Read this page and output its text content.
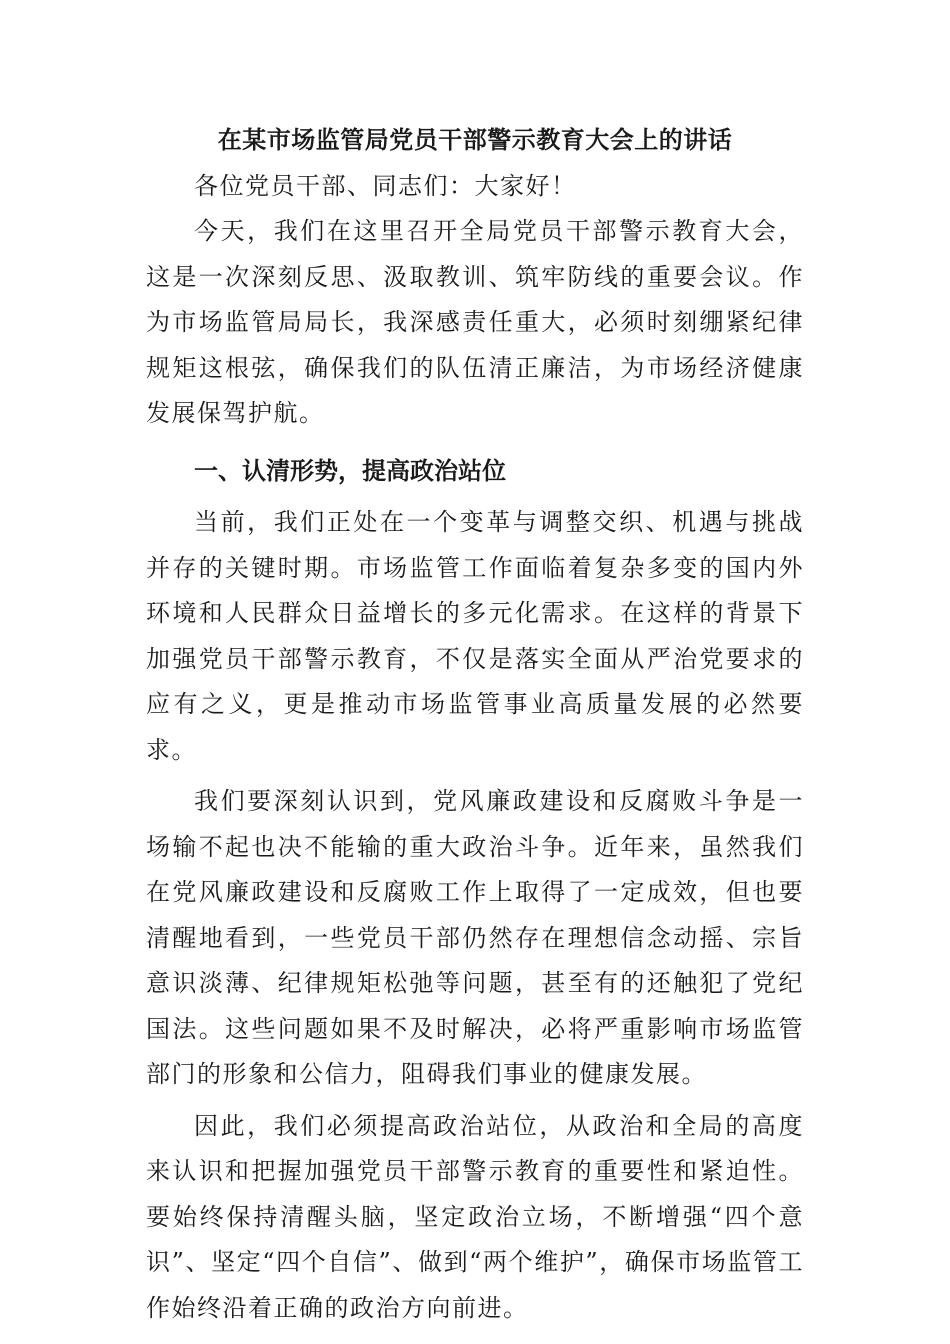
在某市场监管局党员干部警示教育大会上的讲话

各位党员干部、同志们：大家好！

今天，我们在这里召开全局党员干部警示教育大会，这是一次深刻反思、汲取教训、筑牢防线的重要会议。作为市场监管局局长，我深感责任重大，必须时刻绷紧纪律规矩这根弦，确保我们的队伍清正廉洁，为市场经济健康发展保驾护航。

一、认清形势，提高政治站位

当前，我们正处在一个变革与调整交织、机遇与挑战并存的关键时期。市场监管工作面临着复杂多变的国内外环境和人民群众日益增长的多元化需求。在这样的背景下加强党员干部警示教育，不仅是落实全面从严治党要求的应有之义，更是推动市场监管事业高质量发展的必然要求。

我们要深刻认识到，党风廉政建设和反腐败斗争是一场输不起也决不能输的重大政治斗争。近年来，虽然我们在党风廉政建设和反腐败工作上取得了一定成效，但也要清醒地看到，一些党员干部仍然存在理想信念动摇、宗旨意识淡薄、纪律规矩松弛等问题，甚至有的还触犯了党纪国法。这些问题如果不及时解决，必将严重影响市场监管部门的形象和公信力，阻碍我们事业的健康发展。

因此，我们必须提高政治站位，从政治和全局的高度来认识和把握加强党员干部警示教育的重要性和紧迫性。要始终保持清醒头脑，坚定政治立场，不断增强“四个意识”、坚定“四个自信”、做到“两个维护”，确保市场监管工作始终沿着正确的政治方向前进。
